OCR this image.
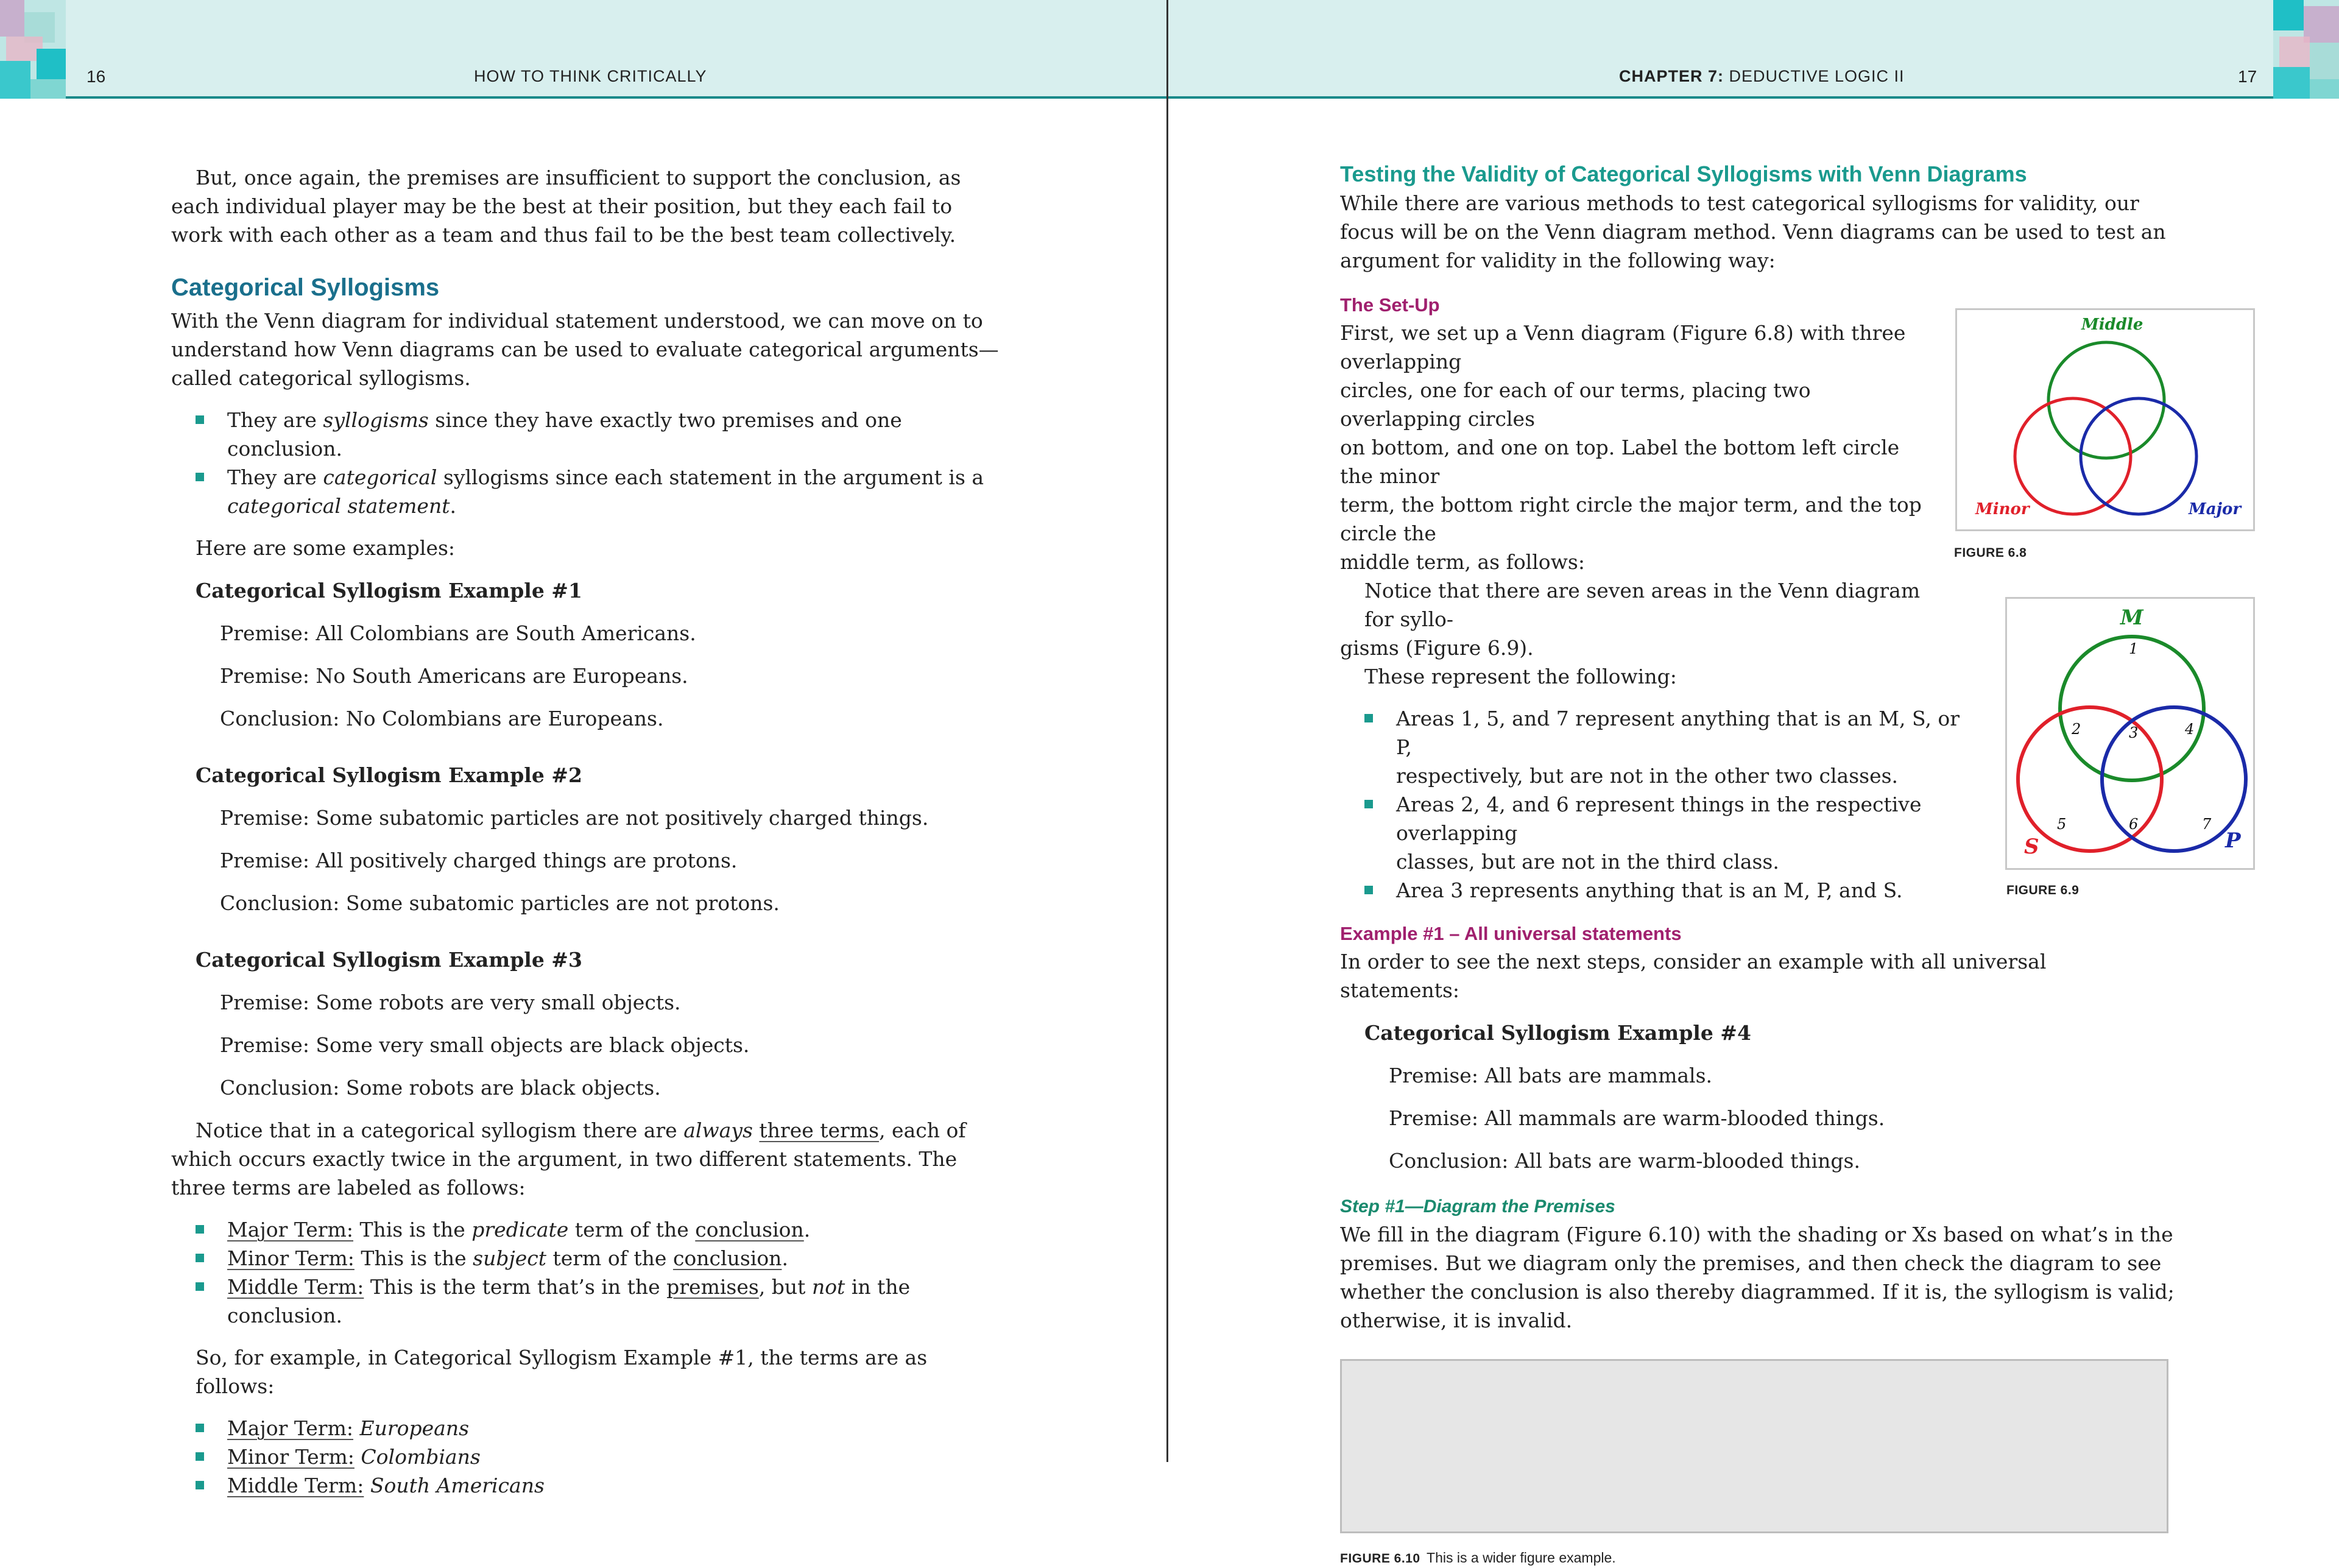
16	HOW TO THINK CRITICALLY

But, once again, the premises are insufficient to support the conclusion, as each individual player may be the best at their position, but they each fail to work with each other as a team and thus fail to be the best team collectively.

Categorical Syllogisms

With the Venn diagram for individual statement understood, we can move on to understand how Venn diagrams can be used to evaluate categorical arguments—called categorical syllogisms.

They are syllogisms since they have exactly two premises and one conclusion.
They are categorical syllogisms since each statement in the argument is a
categorical statement.

Here are some examples:

Categorical Syllogism Example #1

Premise: All Colombians are South Americans.

Premise: No South Americans are Europeans.

Conclusion: No Colombians are Europeans.

Categorical Syllogism Example #2

Premise: Some subatomic particles are not positively charged things.

Premise: All positively charged things are protons.

Conclusion: Some subatomic particles are not protons.

Categorical Syllogism Example #3

Premise: Some robots are very small objects.

Premise: Some very small objects are black objects.

Conclusion: Some robots are black objects.

Notice that in a categorical syllogism there are always three terms, each of which occurs exactly twice in the argument, in two different statements. The three terms are labeled as follows:

Major Term: This is the predicate term of the conclusion.
Minor Term: This is the subject term of the conclusion.
Middle Term: This is the term that’s in the premises, but not in the conclusion.

So, for example, in Categorical Syllogism Example #1, the terms are as follows:

Major Term: Europeans
Minor Term: Colombians
Middle Term: South Americans
CHAPTER 7: DEDUCTIVE LOGIC II	17
Testing the Validity of Categorical Syllogisms with Venn Diagrams

While there are various methods to test categorical syllogisms for validity, our focus will be on the Venn diagram method. Venn diagrams can be used to test an argument for validity in the following way:

The Set-Up

First, we set up a Venn diagram (Figure 6.8) with three overlapping

circles, one for each of our terms, placing two overlapping circles

on bottom, and one on top. Label the bottom left circle the minor

term, the bottom right circle the major term, and the top circle the

middle term, as follows:

Notice that there are seven areas in the Venn diagram for syllo-

gisms (Figure 6.9).

These represent the following:

Areas 1, 5, and 7 represent anything that is an M, S, or P,
respectively, but are not in the other two classes.
Areas 2, 4, and 6 represent things in the respective overlapping
classes, but are not in the third class.
Area 3 represents anything that is an M, P, and S.
Example #1 – All universal statements

In order to see the next steps, consider an example with all universal

statements:

Categorical Syllogism Example #4

Premise: All bats are mammals.

Premise: All mammals are warm-blooded things.

Conclusion: All bats are warm-blooded things.

Step #1—Diagram the Premises

We fill in the diagram (Figure 6.10) with the shading or Xs based on what’s in the premises. But we diagram only the premises, and then check the diagram to see whether the conclusion is also thereby diagrammed. If it is, the syllogism is valid; otherwise, it is invalid.

FIGURE 6.10 This is a wider figure example.
Middle
Minor	Major
FIGURE 6.8
M
S	P
1
2	3	4
5	6	7
FIGURE 6.9
